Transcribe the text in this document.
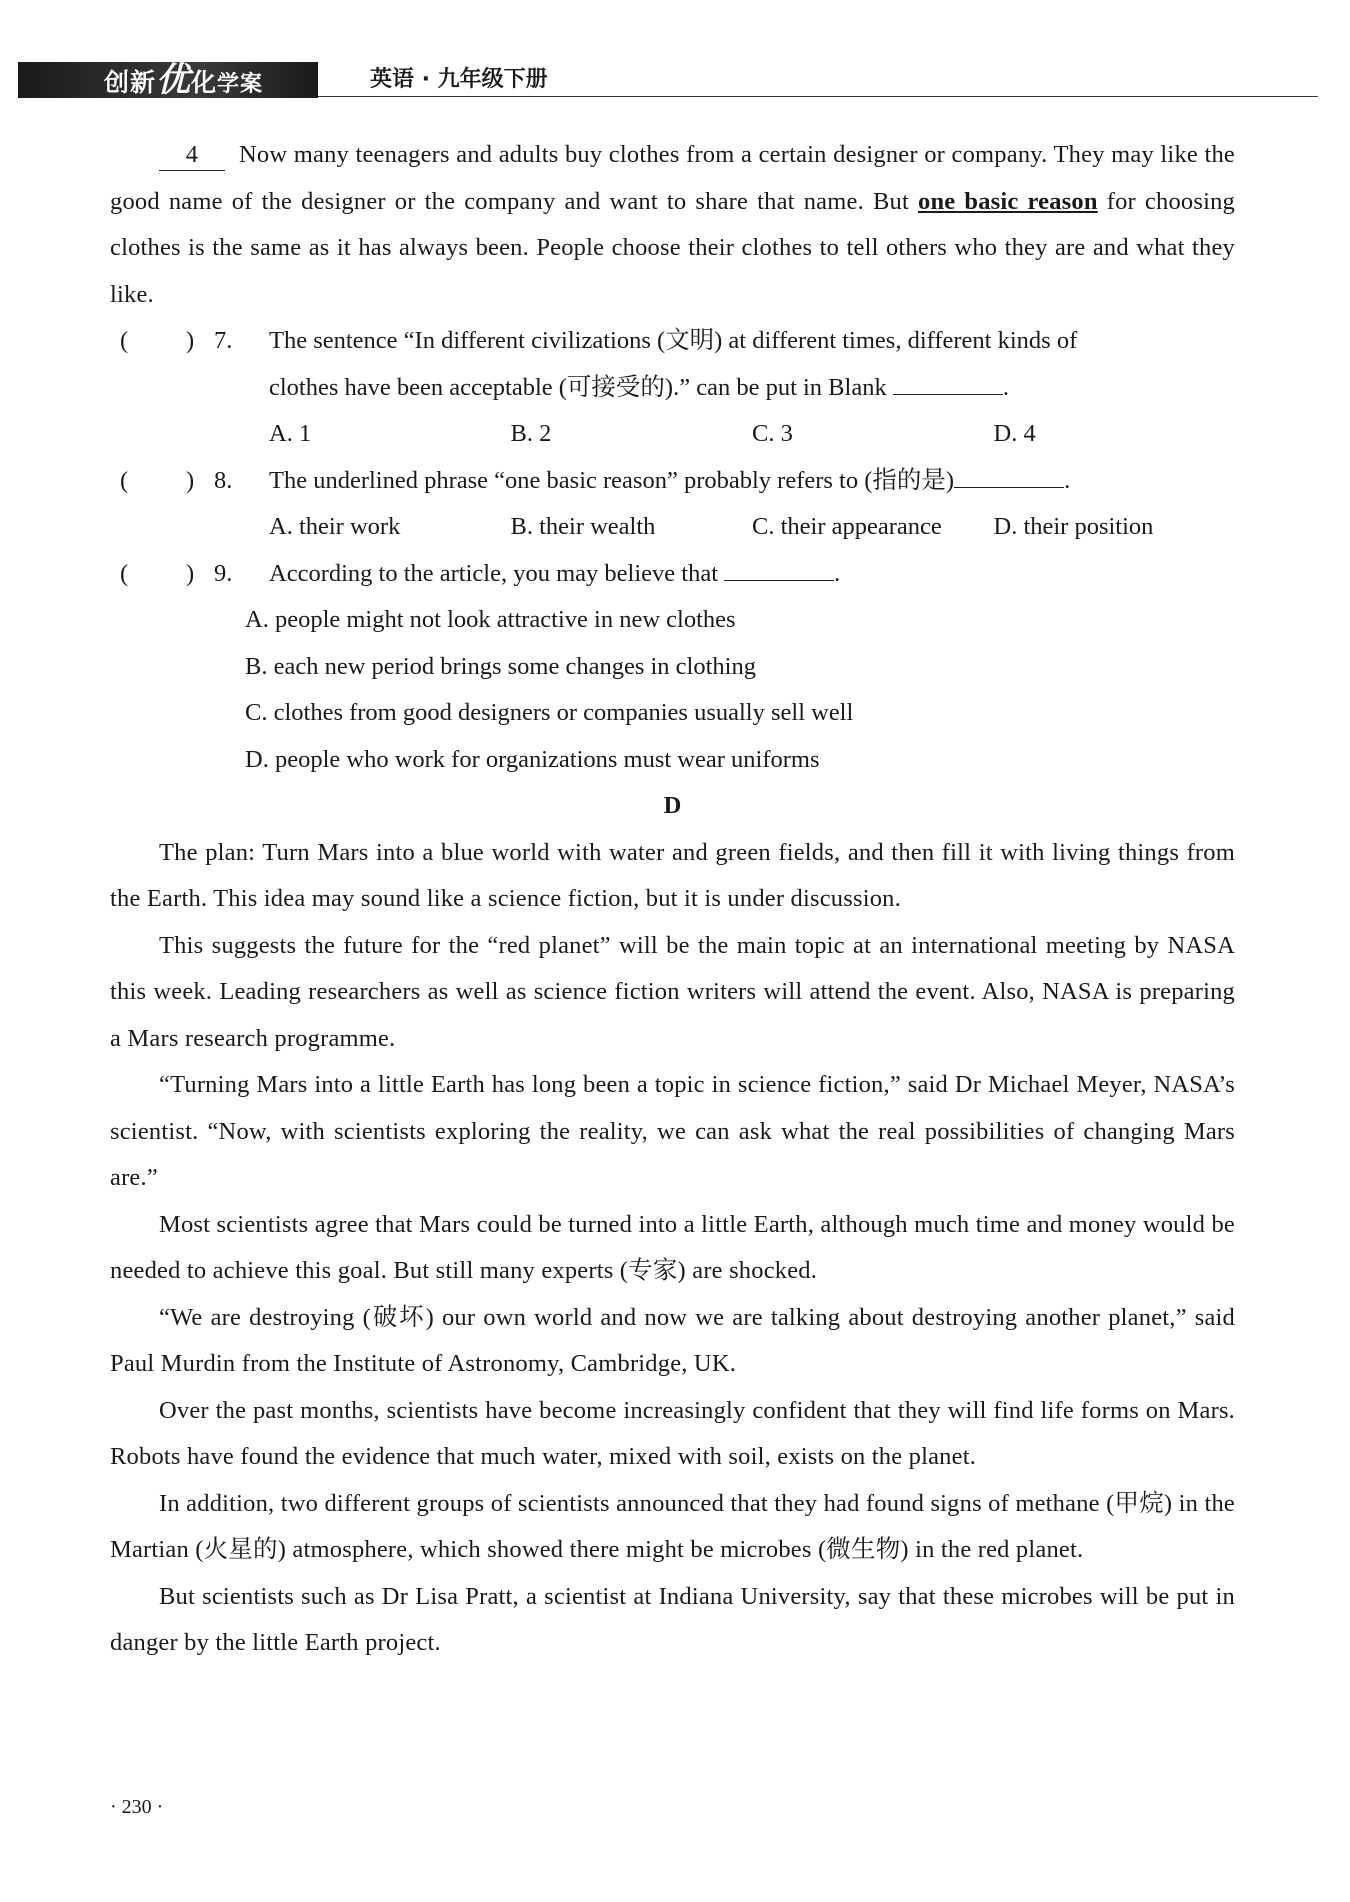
创新优化学案	英语 · 九年级下册

4 Now many teenagers and adults buy clothes from a certain designer or company. They may like the good name of the designer or the company and want to share that name. But one basic reason for choosing clothes is the same as it has always been. People choose their clothes to tell others who they are and what they like.

( ) 7. The sentence “In different civilizations (文明) at different times, different kinds of
clothes have been acceptable (可接受的).” can be put in Blank	.
A. 1	B. 2	C. 3	D. 4
( ) 8. The underlined phrase “one basic reason” probably refers to (指的是)	.
A. their work	B. their wealth	C. their appearance	D. their position
( ) 9. According to the article, you may believe that	.
A. people might not look attractive in new clothes
B. each new period brings some changes in clothing
C. clothes from good designers or companies usually sell well
D. people who work for organizations must wear uniforms
D

The plan: Turn Mars into a blue world with water and green fields, and then fill it with living things from the Earth. This idea may sound like a science fiction, but it is under discussion.

This suggests the future for the “red planet” will be the main topic at an international meeting by NASA this week. Leading researchers as well as science fiction writers will attend the event. Also, NASA is preparing a Mars research programme.

“Turning Mars into a little Earth has long been a topic in science fiction,” said Dr Michael Meyer, NASA’s scientist. “Now, with scientists exploring the reality, we can ask what the real possibilities of changing Mars are.”

Most scientists agree that Mars could be turned into a little Earth, although much time and money would be needed to achieve this goal. But still many experts (专家) are shocked.

“We are destroying (破坏) our own world and now we are talking about destroying another planet,” said Paul Murdin from the Institute of Astronomy, Cambridge, UK.

Over the past months, scientists have become increasingly confident that they will find life forms on Mars. Robots have found the evidence that much water, mixed with soil, exists on the planet.

In addition, two different groups of scientists announced that they had found signs of methane (甲烷) in the Martian (火星的) atmosphere, which showed there might be microbes (微生物) in the red planet.

But scientists such as Dr Lisa Pratt, a scientist at Indiana University, say that these microbes will be put in danger by the little Earth project.

· 230 ·
